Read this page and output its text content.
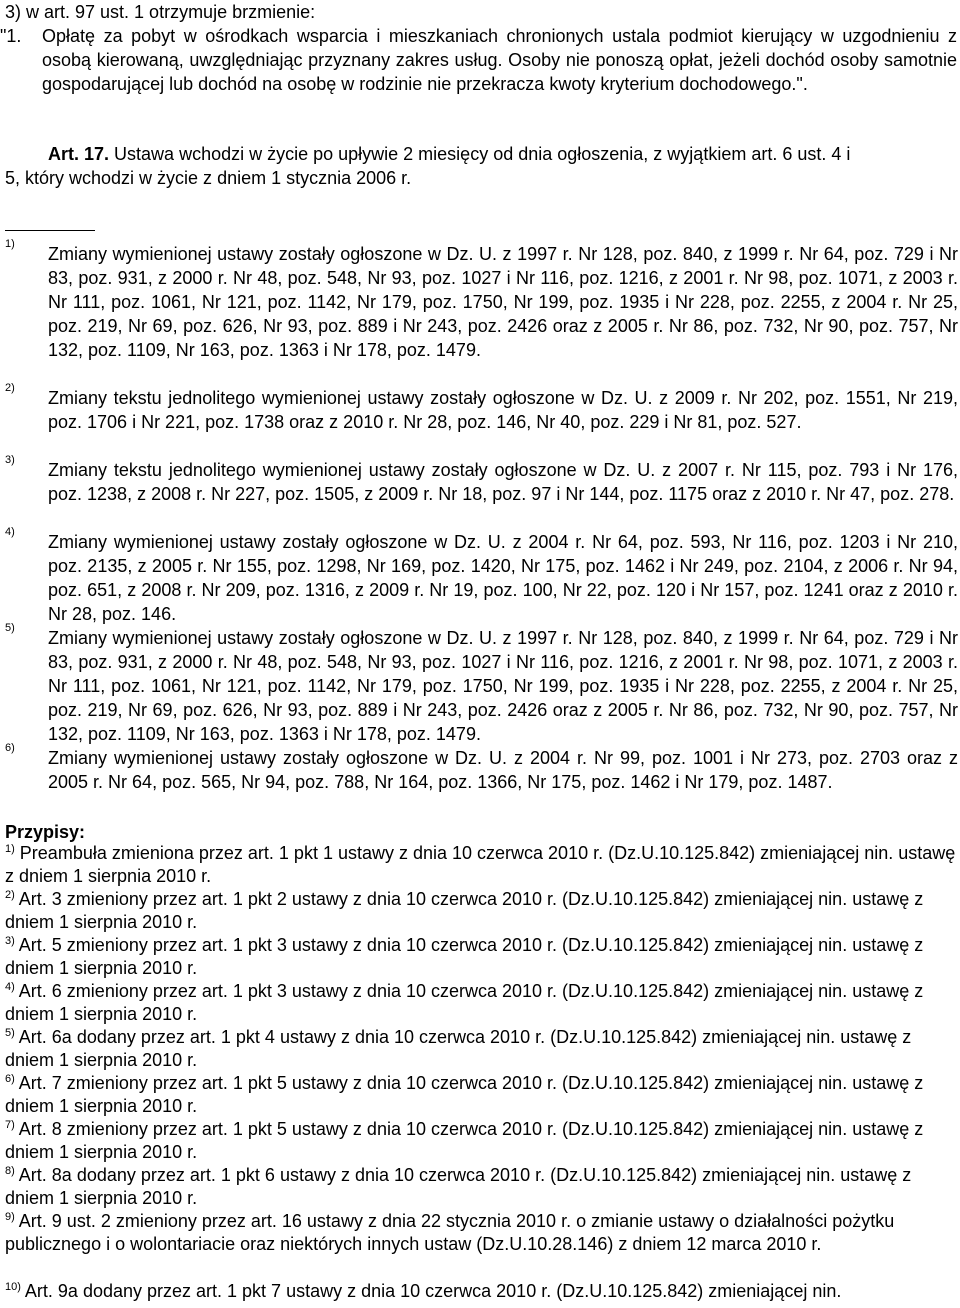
3) w art. 97 ust. 1 otrzymuje brzmienie:
"1. Opłatę za pobyt w ośrodkach wsparcia i mieszkaniach chronionych ustala podmiot kierujący w uzgodnieniu z osobą kierowaną, uwzględniając przyznany zakres usług. Osoby nie ponoszą opłat, jeżeli dochód osoby samotnie gospodarującej lub dochód na osobę w rodzinie nie przekracza kwoty kryterium dochodowego.".
Art. 17. Ustawa wchodzi w życie po upływie 2 miesięcy od dnia ogłoszenia, z wyjątkiem art. 6 ust. 4 i
5, który wchodzi w życie z dniem 1 stycznia 2006 r.
1) Zmiany wymienionej ustawy zostały ogłoszone w Dz. U. z 1997 r. Nr 128, poz. 840, z 1999 r. Nr 64, poz. 729 i Nr 83, poz. 931, z 2000 r. Nr 48, poz. 548, Nr 93, poz. 1027 i Nr 116, poz. 1216, z 2001 r. Nr 98, poz. 1071, z 2003 r. Nr 111, poz. 1061, Nr 121, poz. 1142, Nr 179, poz. 1750, Nr 199, poz. 1935 i Nr 228, poz. 2255, z 2004 r. Nr 25, poz. 219, Nr 69, poz. 626, Nr 93, poz. 889 i Nr 243, poz. 2426 oraz z 2005 r. Nr 86, poz. 732, Nr 90, poz. 757, Nr 132, poz. 1109, Nr 163, poz. 1363 i Nr 178, poz. 1479.
2) Zmiany tekstu jednolitego wymienionej ustawy zostały ogłoszone w Dz. U. z 2009 r. Nr 202, poz. 1551, Nr 219, poz. 1706 i Nr 221, poz. 1738 oraz z 2010 r. Nr 28, poz. 146, Nr 40, poz. 229 i Nr 81, poz. 527.
3) Zmiany tekstu jednolitego wymienionej ustawy zostały ogłoszone w Dz. U. z 2007 r. Nr 115, poz. 793 i Nr 176, poz. 1238, z 2008 r. Nr 227, poz. 1505, z 2009 r. Nr 18, poz. 97 i Nr 144, poz. 1175 oraz z 2010 r. Nr 47, poz. 278.
4) Zmiany wymienionej ustawy zostały ogłoszone w Dz. U. z 2004 r. Nr 64, poz. 593, Nr 116, poz. 1203 i Nr 210, poz. 2135, z 2005 r. Nr 155, poz. 1298, Nr 169, poz. 1420, Nr 175, poz. 1462 i Nr 249, poz. 2104, z 2006 r. Nr 94, poz. 651, z 2008 r. Nr 209, poz. 1316, z 2009 r. Nr 19, poz. 100, Nr 22, poz. 120 i Nr 157, poz. 1241 oraz z 2010 r. Nr 28, poz. 146.
5) Zmiany wymienionej ustawy zostały ogłoszone w Dz. U. z 1997 r. Nr 128, poz. 840, z 1999 r. Nr 64, poz. 729 i Nr 83, poz. 931, z 2000 r. Nr 48, poz. 548, Nr 93, poz. 1027 i Nr 116, poz. 1216, z 2001 r. Nr 98, poz. 1071, z 2003 r. Nr 111, poz. 1061, Nr 121, poz. 1142, Nr 179, poz. 1750, Nr 199, poz. 1935 i Nr 228, poz. 2255, z 2004 r. Nr 25, poz. 219, Nr 69, poz. 626, Nr 93, poz. 889 i Nr 243, poz. 2426 oraz z 2005 r. Nr 86, poz. 732, Nr 90, poz. 757, Nr 132, poz. 1109, Nr 163, poz. 1363 i Nr 178, poz. 1479.
6) Zmiany wymienionej ustawy zostały ogłoszone w Dz. U. z 2004 r. Nr 99, poz. 1001 i Nr 273, poz. 2703 oraz z 2005 r. Nr 64, poz. 565, Nr 94, poz. 788, Nr 164, poz. 1366, Nr 175, poz. 1462 i Nr 179, poz. 1487.
Przypisy:
$^{1)}$ Preambuła zmieniona przez art. 1 pkt 1 ustawy z dnia 10 czerwca 2010 r. (Dz.U.10.125.842) zmieniającej nin. ustawę z dniem 1 sierpnia 2010 r.
$^{2)}$ Art. 3 zmieniony przez art. 1 pkt 2 ustawy z dnia 10 czerwca 2010 r. (Dz.U.10.125.842) zmieniającej nin. ustawę z dniem 1 sierpnia 2010 r.
$^{3)}$ Art. 5 zmieniony przez art. 1 pkt 3 ustawy z dnia 10 czerwca 2010 r. (Dz.U.10.125.842) zmieniającej nin. ustawę z dniem 1 sierpnia 2010 r.
$^{4)}$ Art. 6 zmieniony przez art. 1 pkt 3 ustawy z dnia 10 czerwca 2010 r. (Dz.U.10.125.842) zmieniającej nin. ustawę z dniem 1 sierpnia 2010 r.
$^{5)}$ Art. 6a dodany przez art. 1 pkt 4 ustawy z dnia 10 czerwca 2010 r. (Dz.U.10.125.842) zmieniającej nin. ustawę z dniem 1 sierpnia 2010 r.
$^{6)}$ Art. 7 zmieniony przez art. 1 pkt 5 ustawy z dnia 10 czerwca 2010 r. (Dz.U.10.125.842) zmieniającej nin. ustawę z dniem 1 sierpnia 2010 r.
$^{7)}$ Art. 8 zmieniony przez art. 1 pkt 5 ustawy z dnia 10 czerwca 2010 r. (Dz.U.10.125.842) zmieniającej nin. ustawę z dniem 1 sierpnia 2010 r.
$^{8)}$ Art. 8a dodany przez art. 1 pkt 6 ustawy z dnia 10 czerwca 2010 r. (Dz.U.10.125.842) zmieniającej nin. ustawę z dniem 1 sierpnia 2010 r.
$^{9)}$ Art. 9 ust. 2 zmieniony przez art. 16 ustawy z dnia 22 stycznia 2010 r. o zmianie ustawy o działalności pożytku publicznego i o wolontariacie oraz niektórych innych ustaw (Dz.U.10.28.146) z dniem 12 marca 2010 r.
$^{10)}$ Art. 9a dodany przez art. 1 pkt 7 ustawy z dnia 10 czerwca 2010 r. (Dz.U.10.125.842) zmieniającej nin.
